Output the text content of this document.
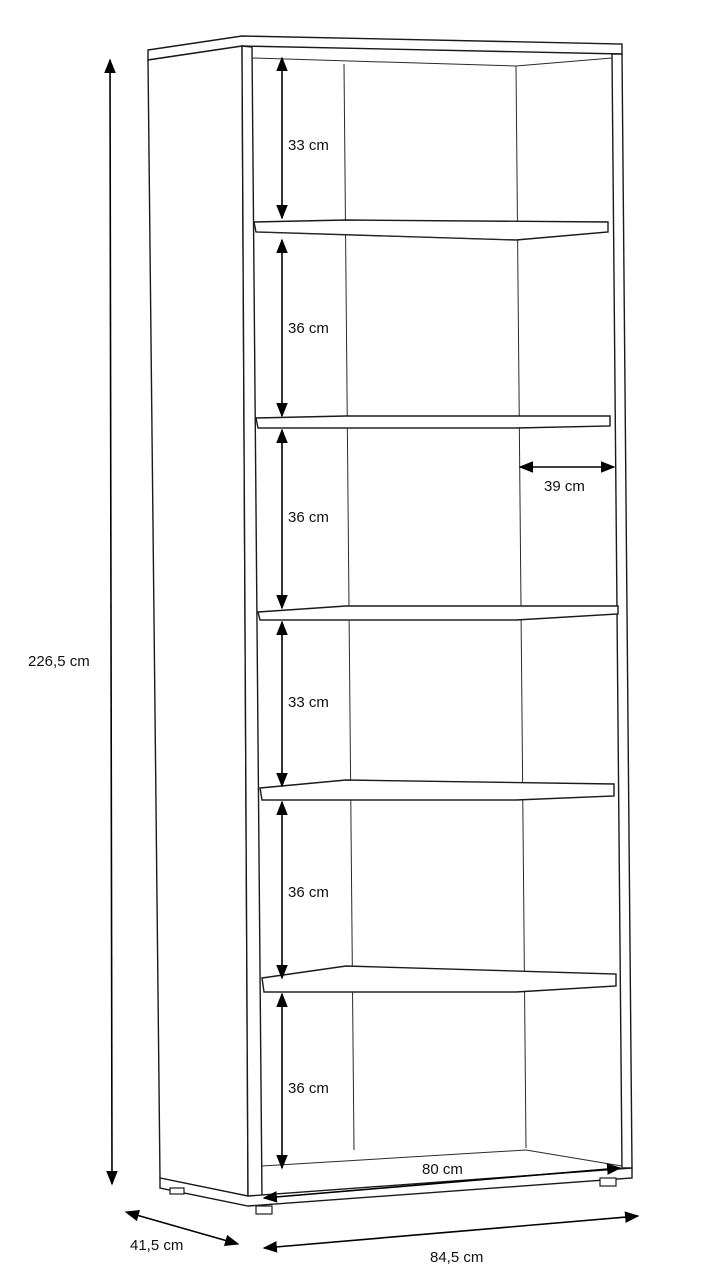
226,5 cm
33 cm
36 cm
36 cm
33 cm
36 cm
36 cm
39 cm
80 cm
41,5 cm
84,5 cm
